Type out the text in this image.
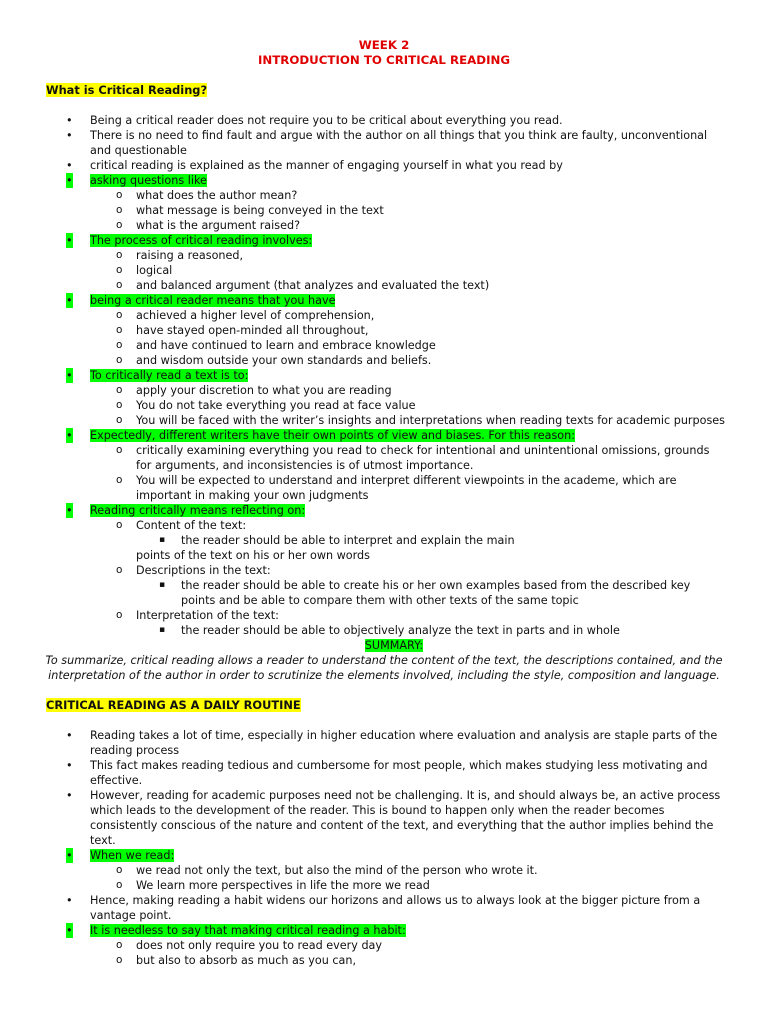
WEEK 2

INTRODUCTION TO CRITICAL READING

What is Critical Reading?

• Being a critical reader does not require you to be critical about everything you read.
• There is no need to find fault and argue with the author on all things that you think are faulty, unconventional and questionable
• critical reading is explained as the manner of engaging yourself in what you read by
• asking questions like
o what does the author mean?
o what message is being conveyed in the text
o what is the argument raised?
• The process of critical reading involves:
o raising a reasoned,
o logical
o and balanced argument (that analyzes and evaluated the text)
• being a critical reader means that you have
o achieved a higher level of comprehension,
o have stayed open-minded all throughout,
o and have continued to learn and embrace knowledge
o and wisdom outside your own standards and beliefs.
• To critically read a text is to:
o apply your discretion to what you are reading
o You do not take everything you read at face value
o You will be faced with the writer’s insights and interpretations when reading texts for academic purposes
• Expectedly, different writers have their own points of view and biases. For this reason:
o critically examining everything you read to check for intentional and unintentional omissions, grounds for arguments, and inconsistencies is of utmost importance.
o You will be expected to understand and interpret different viewpoints in the academe, which are important in making your own judgments
• Reading critically means reflecting on:
o Content of the text:
▪ the reader should be able to interpret and explain the main
points of the text on his or her own words
o Descriptions in the text:
▪ the reader should be able to create his or her own examples based from the described key points and be able to compare them with other texts of the same topic
o Interpretation of the text:
▪ the reader should be able to objectively analyze the text in parts and in whole

SUMMARY:

To summarize, critical reading allows a reader to understand the content of the text, the descriptions contained, and the interpretation of the author in order to scrutinize the elements involved, including the style, composition and language.

CRITICAL READING AS A DAILY ROUTINE

• Reading takes a lot of time, especially in higher education where evaluation and analysis are staple parts of the reading process
• This fact makes reading tedious and cumbersome for most people, which makes studying less motivating and effective.
• However, reading for academic purposes need not be challenging. It is, and should always be, an active process which leads to the development of the reader. This is bound to happen only when the reader becomes consistently conscious of the nature and content of the text, and everything that the author implies behind the text.
• When we read:
o we read not only the text, but also the mind of the person who wrote it.
o We learn more perspectives in life the more we read
• Hence, making reading a habit widens our horizons and allows us to always look at the bigger picture from a vantage point.
• It is needless to say that making critical reading a habit:
o does not only require you to read every day
o but also to absorb as much as you can,
